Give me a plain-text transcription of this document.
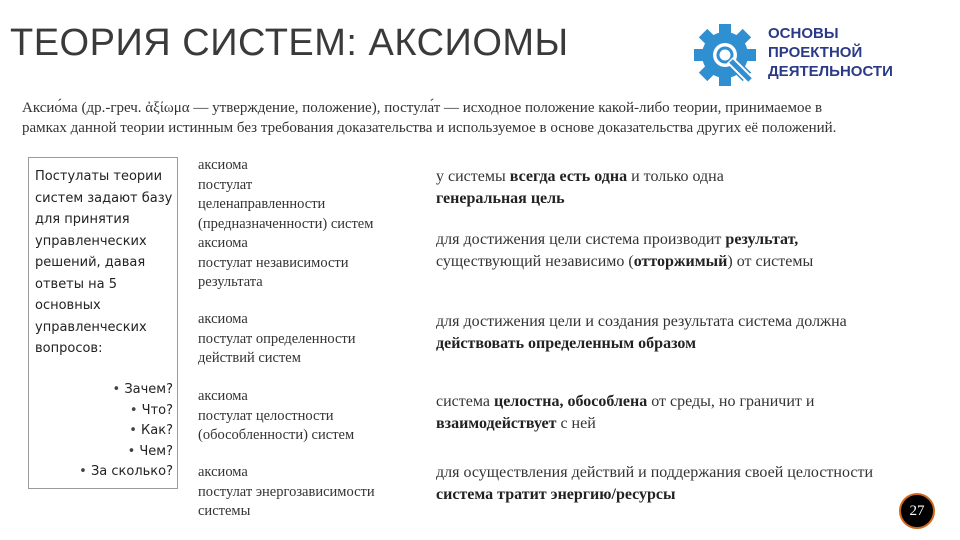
ТЕОРИЯ СИСТЕМ: АКСИОМЫ	ОСНОВЫ
ПРОЕКТНОЙ
ДЕЯТЕЛЬНОСТИ
Аксио́ма (др.-греч. ἀξίωμα — утверждение, положение), постула́т — исходное положение какой-либо теории, принимаемое в рамках данной теории истинным без требования доказательства и используемое в основе доказательства других её положений.
Постулаты теории систем задают базу для принятия управленческих решений, давая ответы на 5 основных управленческих вопросов:
• Зачем?
• Что?
• Как?
• Чем?
• За сколько?
аксиома
постулат
целенаправленности
(предназначенности) систем
аксиома
постулат независимости
результата
аксиома
постулат определенности
действий систем
аксиома
постулат целостности
(обособленности) систем
аксиома
постулат энергозависимости
системы
у системы всегда есть одна и только одна
генеральная цель
для достижения цели система производит результат,
существующий независимо (отторжимый) от системы
для достижения цели и создания результата система должна действовать определенным образом
система целостна, обособлена от среды, но граничит и
взаимодействует с ней
для осуществления действий и поддержания своей целостности система тратит энергию/ресурсы
27
